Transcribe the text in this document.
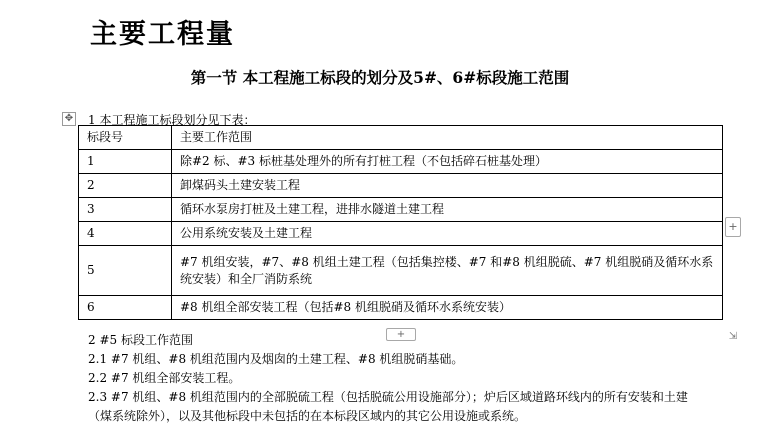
主要工程量
第一节 本工程施工标段的划分及5#、6#标段施工范围
✥ 1 本工程施工标段划分见下表：
标段号	主要工作范围
1	除#2 标、#3 标桩基处理外的所有打桩工程（不包括碎石桩基处理）
2	卸煤码头土建安装工程
3	循环水泵房打桩及土建工程，进排水隧道土建工程
4	公用系统安装及土建工程
5	#7 机组安装，#7、#8 机组土建工程（包括集控楼、#7 和#8 机组脱硫、#7 机组脱硝及循环水系统安装）和全厂消防系统
6	#8 机组全部安装工程（包括#8 机组脱硝及循环水系统安装）
+
+	⇲

2 #5 标段工作范围

2.1 #7 机组、#8 机组范围内及烟囱的土建工程、#8 机组脱硝基础。

2.2 #7 机组全部安装工程。

2.3 #7 机组、#8 机组范围内的全部脱硫工程（包括脱硫公用设施部分）；炉后区域道路环线内的所有安装和土建（煤系统除外），以及其他标段中未包括的在本标段区域内的其它公用设施或系统。
